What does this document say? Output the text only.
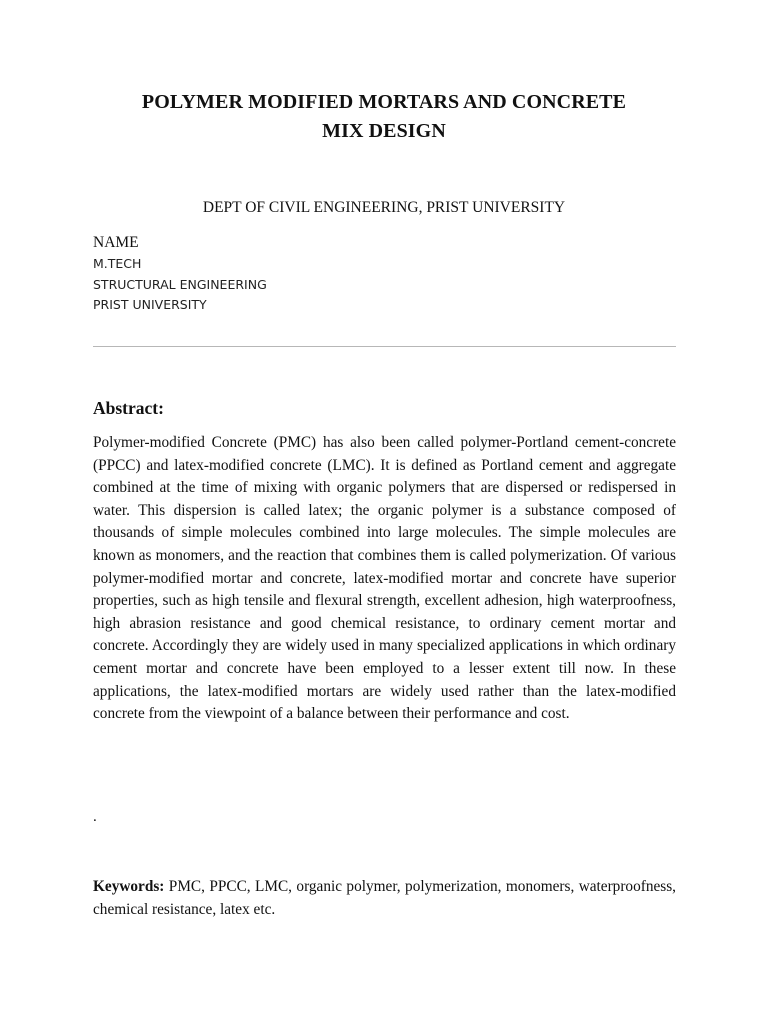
POLYMER MODIFIED MORTARS AND CONCRETE
MIX DESIGN
DEPT OF CIVIL ENGINEERING, PRIST UNIVERSITY
NAME
M.TECH
STRUCTURAL ENGINEERING
PRIST UNIVERSITY
Abstract:
Polymer-modified Concrete (PMC) has also been called polymer-Portland cement-concrete (PPCC) and latex-modified concrete (LMC). It is defined as Portland cement and aggregate combined at the time of mixing with organic polymers that are dispersed or redispersed in water. This dispersion is called latex; the organic polymer is a substance composed of thousands of simple molecules combined into large molecules. The simple molecules are known as monomers, and the reaction that combines them is called polymerization. Of various polymer-modified mortar and concrete, latex-modified mortar and concrete have superior properties, such as high tensile and flexural strength, excellent adhesion, high waterproofness, high abrasion resistance and good chemical resistance, to ordinary cement mortar and concrete. Accordingly they are widely used in many specialized applications in which ordinary cement mortar and concrete have been employed to a lesser extent till now. In these applications, the latex-modified mortars are widely used rather than the latex-modified concrete from the viewpoint of a balance between their performance and cost.
.
Keywords: PMC, PPCC, LMC, organic polymer, polymerization, monomers, waterproofness, chemical resistance, latex etc.
